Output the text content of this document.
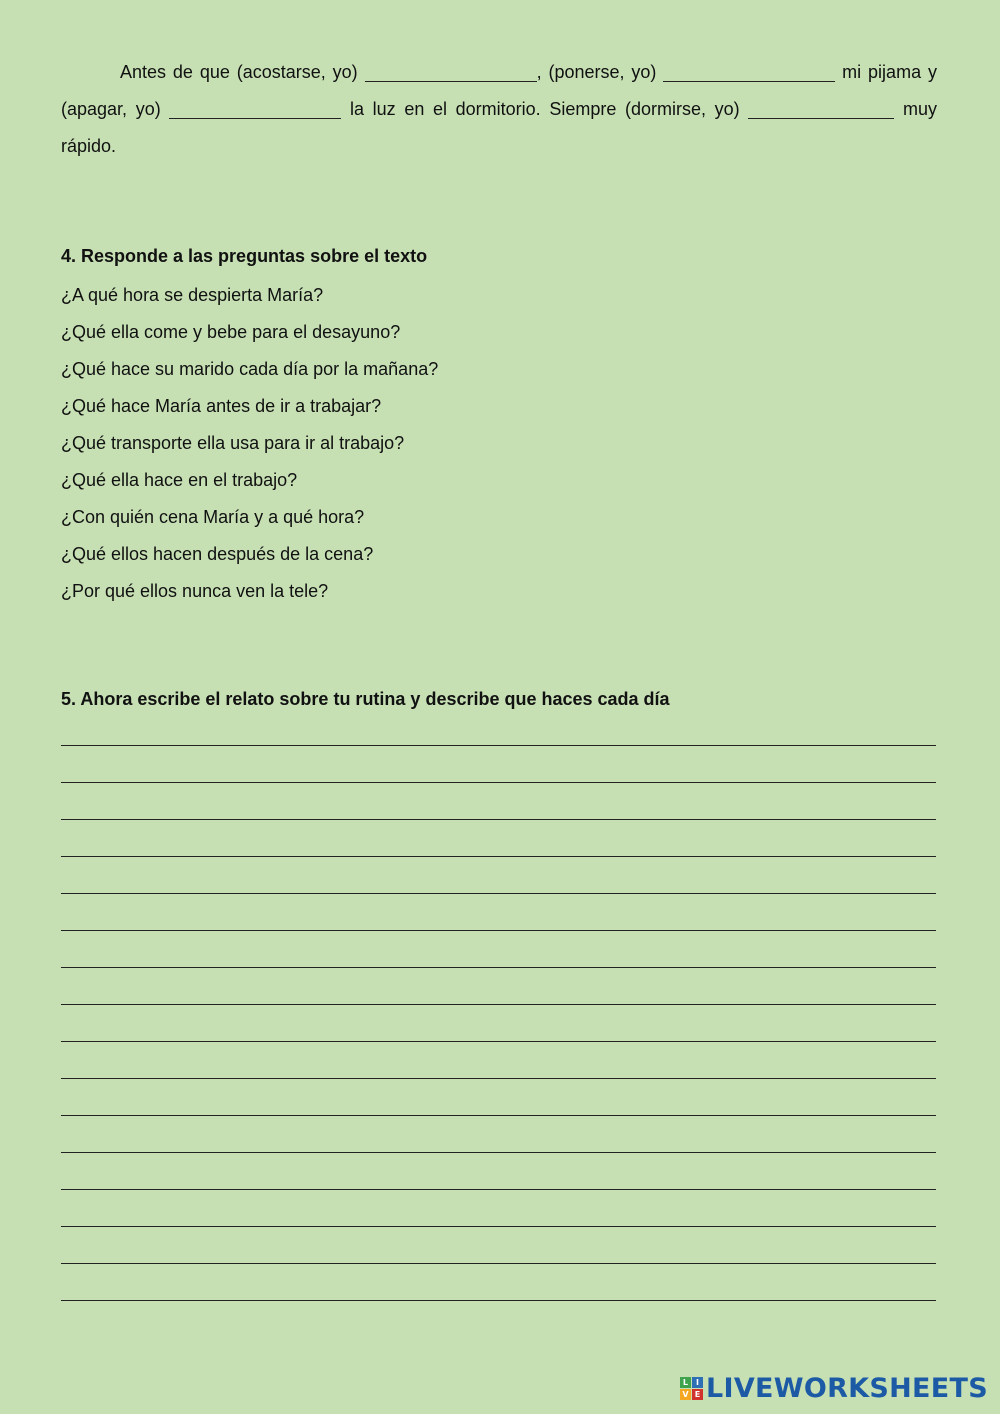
Antes de que (acostarse, yo)	, (ponerse, yo)	mi pijama y (apagar, yo)	la luz en el dormitorio. Siempre (dormirse, yo)	muy rápido.

4. Responde a las preguntas sobre el texto
¿A qué hora se despierta María?
¿Qué ella come y bebe para el desayuno?
¿Qué hace su marido cada día por la mañana?
¿Qué hace María antes de ir a trabajar?
¿Qué transporte ella usa para ir al trabajo?
¿Qué ella hace en el trabajo?
¿Con quién cena María y a qué hora?
¿Qué ellos hacen después de la cena?
¿Por qué ellos nunca ven la tele?
5. Ahora escribe el relato sobre tu rutina y describe que haces cada día
L I
V E LIVEWORKSHEETS
